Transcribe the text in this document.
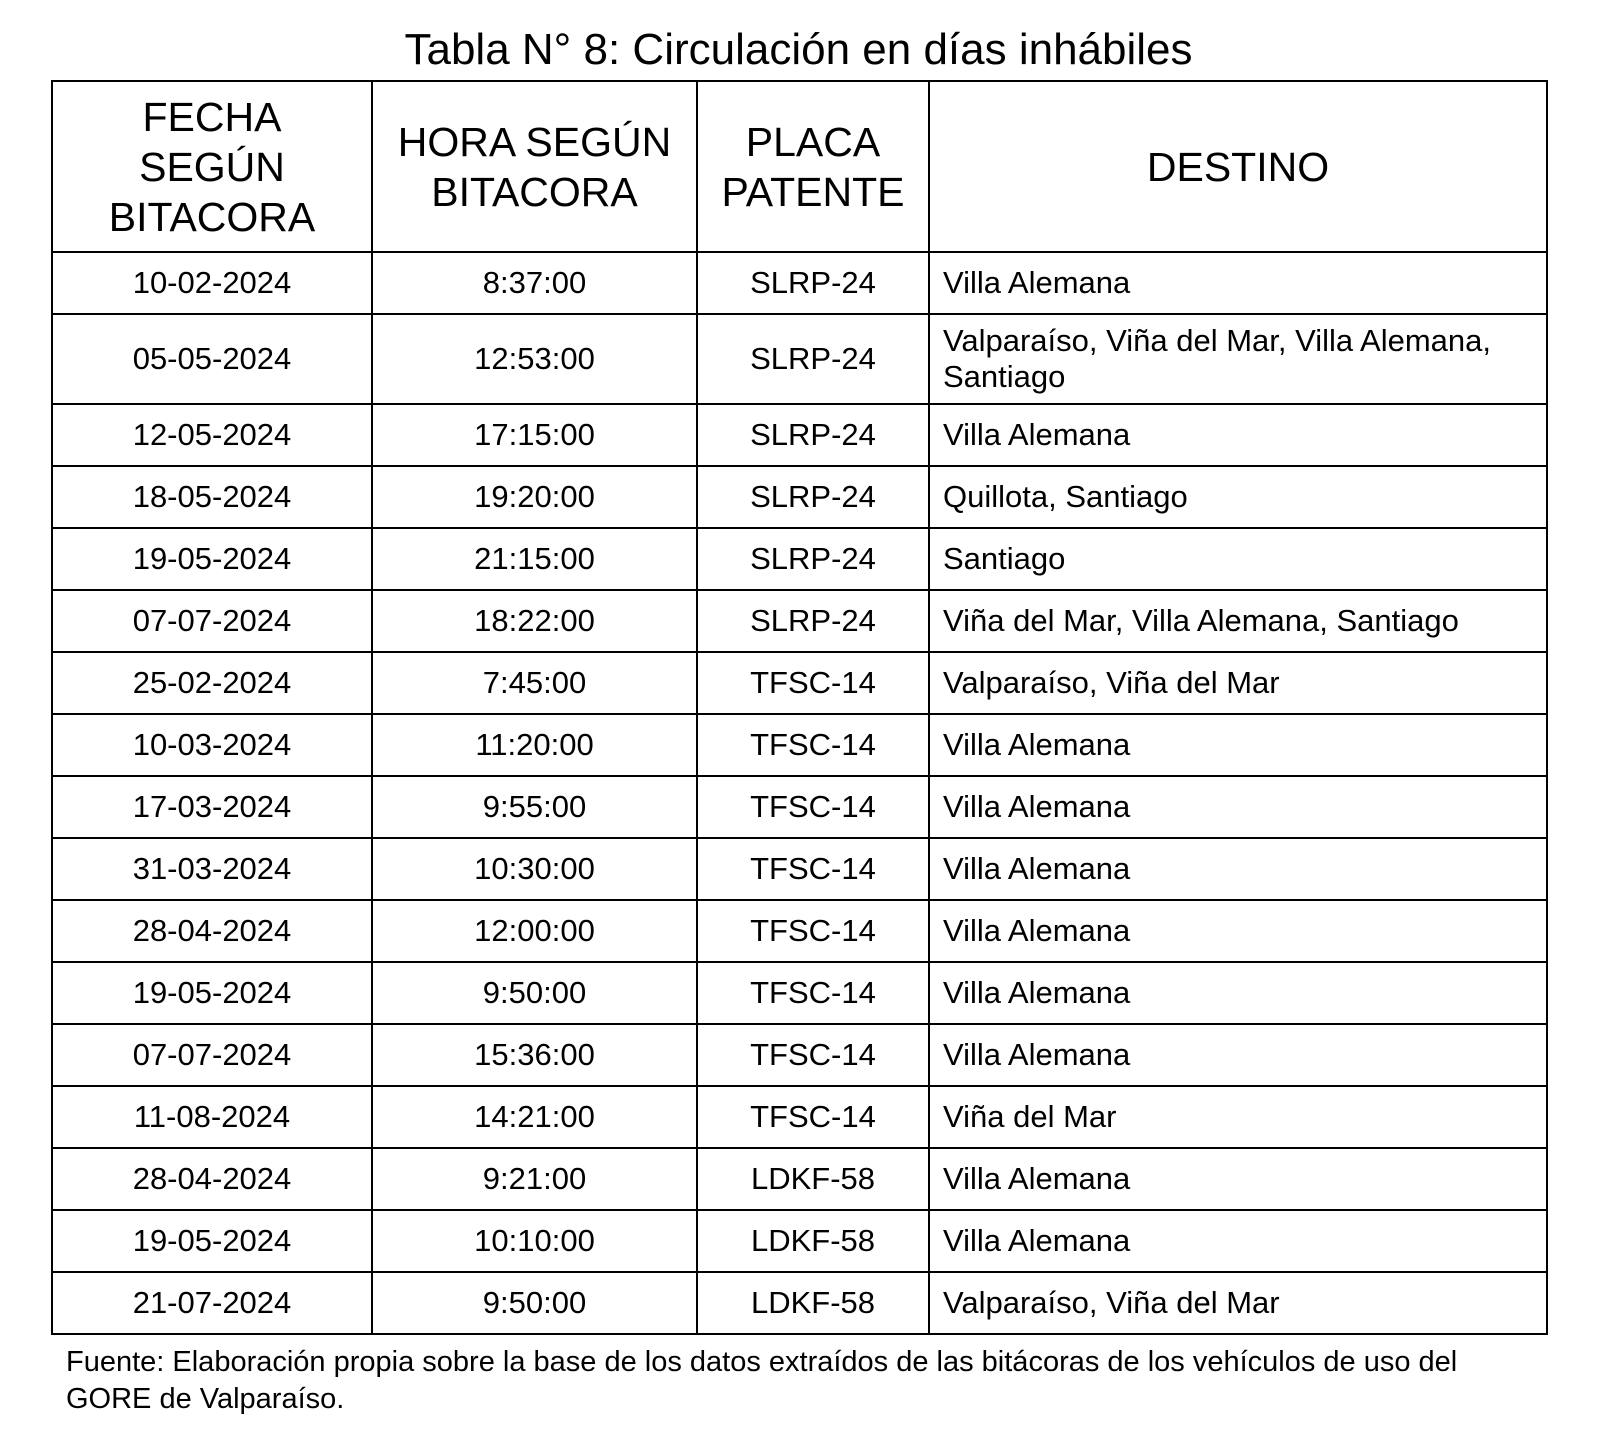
Tabla N° 8: Circulación en días inhábiles
FECHA SEGÚN BITACORA	HORA SEGÚN BITACORA	PLACA PATENTE	DESTINO
10-02-2024	8:37:00	SLRP-24	Villa Alemana
05-05-2024	12:53:00	SLRP-24	Valparaíso, Viña del Mar, Villa Alemana, Santiago
12-05-2024	17:15:00	SLRP-24	Villa Alemana
18-05-2024	19:20:00	SLRP-24	Quillota, Santiago
19-05-2024	21:15:00	SLRP-24	Santiago
07-07-2024	18:22:00	SLRP-24	Viña del Mar, Villa Alemana, Santiago
25-02-2024	7:45:00	TFSC-14	Valparaíso, Viña del Mar
10-03-2024	11:20:00	TFSC-14	Villa Alemana
17-03-2024	9:55:00	TFSC-14	Villa Alemana
31-03-2024	10:30:00	TFSC-14	Villa Alemana
28-04-2024	12:00:00	TFSC-14	Villa Alemana
19-05-2024	9:50:00	TFSC-14	Villa Alemana
07-07-2024	15:36:00	TFSC-14	Villa Alemana
11-08-2024	14:21:00	TFSC-14	Viña del Mar
28-04-2024	9:21:00	LDKF-58	Villa Alemana
19-05-2024	10:10:00	LDKF-58	Villa Alemana
21-07-2024	9:50:00	LDKF-58	Valparaíso, Viña del Mar
Fuente: Elaboración propia sobre la base de los datos extraídos de las bitácoras de los vehículos de uso del GORE de Valparaíso.
